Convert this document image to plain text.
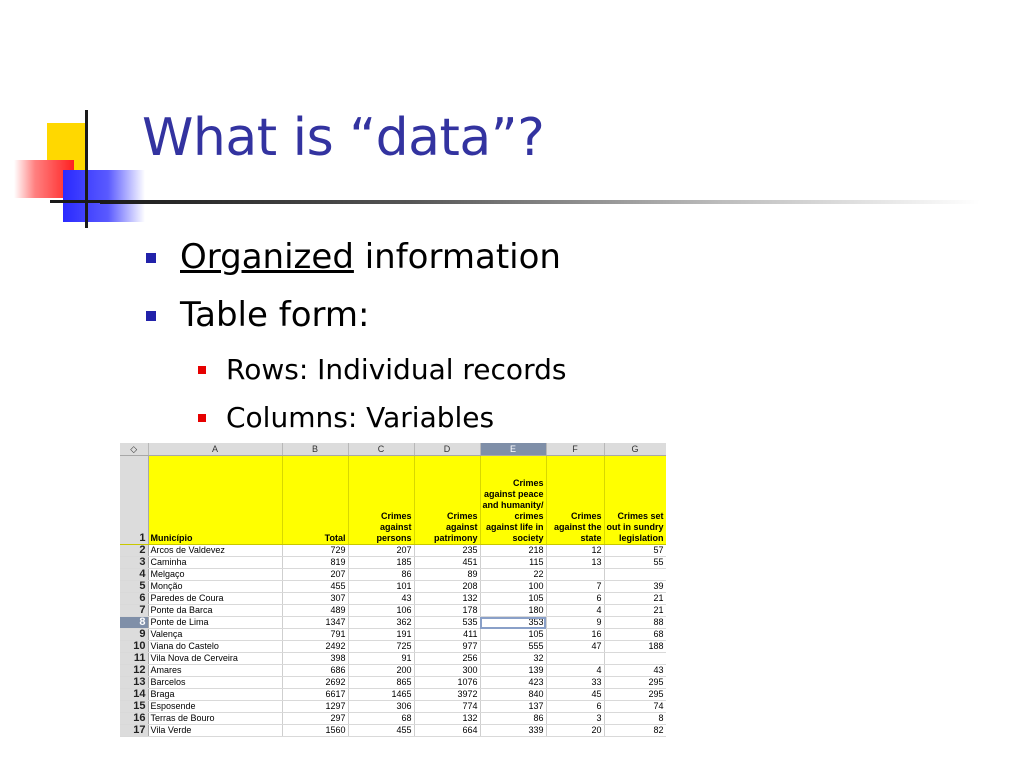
What is “data”?
Organized information
Table form:
Rows: Individual records
Columns: Variables
◇	A	B	C	D	E	F	G
1	Município	Total	Crimes against persons	Crimes against patrimony	Crimes against peace and humanity/ crimes against life in society	Crimes against the state	Crimes set out in sundry legislation
2	Arcos de Valdevez	729	207	235	218	12	57
3	Caminha	819	185	451	115	13	55
4	Melgaço	207	86	89	22		
5	Monção	455	101	208	100	7	39
6	Paredes de Coura	307	43	132	105	6	21
7	Ponte da Barca	489	106	178	180	4	21
8	Ponte de Lima	1347	362	535	353	9	88
9	Valença	791	191	411	105	16	68
10	Viana do Castelo	2492	725	977	555	47	188
11	Vila Nova de Cerveira	398	91	256	32		
12	Amares	686	200	300	139	4	43
13	Barcelos	2692	865	1076	423	33	295
14	Braga	6617	1465	3972	840	45	295
15	Esposende	1297	306	774	137	6	74
16	Terras de Bouro	297	68	132	86	3	8
17	Vila Verde	1560	455	664	339	20	82
